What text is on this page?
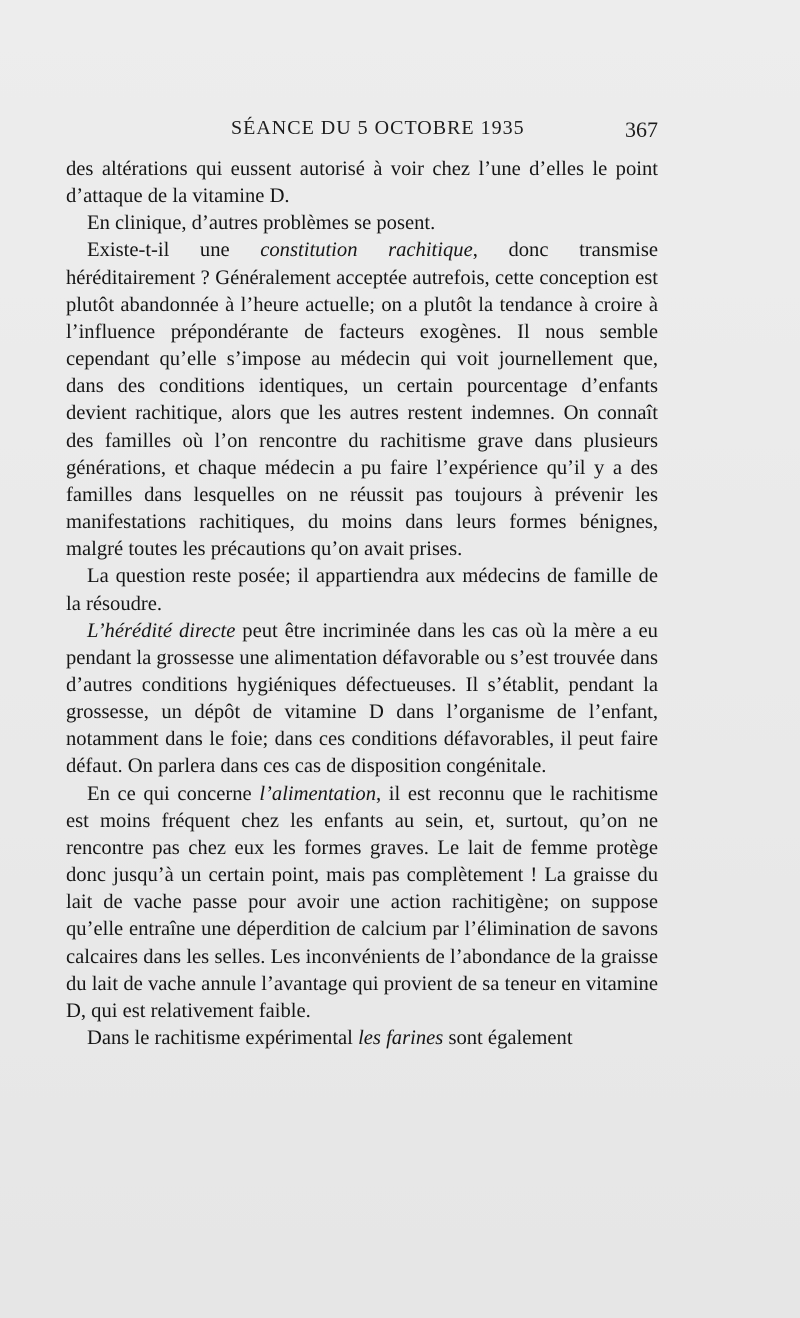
SÉANCE DU 5 OCTOBRE 1935	367

des altérations qui eussent autorisé à voir chez l’une d’elles le point d’attaque de la vitamine D.

En clinique, d’autres problèmes se posent.

Existe-t-il une constitution rachitique, donc transmise héréditairement ? Généralement acceptée autrefois, cette conception est plutôt abandonnée à l’heure actuelle; on a plutôt la tendance à croire à l’influence prépondérante de facteurs exogènes. Il nous semble cependant qu’elle s’impose au médecin qui voit journellement que, dans des conditions identiques, un certain pourcentage d’enfants devient rachitique, alors que les autres restent indemnes. On connaît des familles où l’on rencontre du rachitisme grave dans plusieurs générations, et chaque médecin a pu faire l’expérience qu’il y a des familles dans lesquelles on ne réussit pas toujours à prévenir les manifestations rachitiques, du moins dans leurs formes bénignes, malgré toutes les précautions qu’on avait prises.

La question reste posée; il appartiendra aux médecins de famille de la résoudre.

L’hérédité directe peut être incriminée dans les cas où la mère a eu pendant la grossesse une alimentation défavorable ou s’est trouvée dans d’autres conditions hygiéniques défectueuses. Il s’établit, pendant la grossesse, un dépôt de vitamine D dans l’organisme de l’enfant, notamment dans le foie; dans ces conditions défavorables, il peut faire défaut. On parlera dans ces cas de disposition congénitale.

En ce qui concerne l’alimentation, il est reconnu que le rachitisme est moins fréquent chez les enfants au sein, et, surtout, qu’on ne rencontre pas chez eux les formes graves. Le lait de femme protège donc jusqu’à un certain point, mais pas complètement ! La graisse du lait de vache passe pour avoir une action rachitigène; on suppose qu’elle entraîne une déperdition de calcium par l’élimination de savons calcaires dans les selles. Les inconvénients de l’abondance de la graisse du lait de vache annule l’avantage qui provient de sa teneur en vitamine D, qui est relativement faible.

Dans le rachitisme expérimental les farines sont également
